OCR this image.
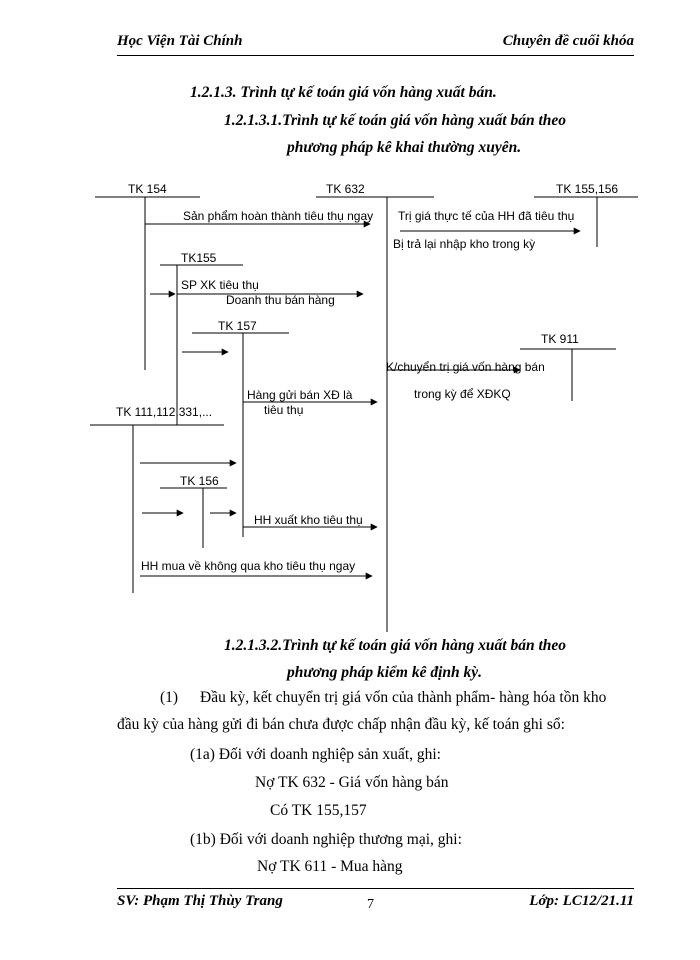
Học Viện Tài Chính	Chuyên đề cuối khóa
1.2.1.3. Trình tự kế toán giá vốn hàng xuất bán.
1.2.1.3.1.Trình tự kế toán giá vốn hàng xuất bán theo
phương pháp kê khai thường xuyên.
TK 154	TK 632	TK 155,156
TK155
TK 157
TK 911
TK 111,112,331,...
TK 156
Sản phẩm hoàn thành tiêu thụ ngay Trị giá thực tế của HH đã tiêu thụ
Bị trả lại nhập kho trong kỳ
SP XK tiêu thụ
Doanh thu bán hàng
K/chuyển trị giá vốn hàng bán
trong kỳ để XĐKQ
Hàng gửi bán XĐ là
tiêu thụ
HH xuất kho tiêu thụ
HH mua về không qua kho tiêu thụ ngay
1.2.1.3.2.Trình tự kế toán giá vốn hàng xuất bán theo
phương pháp kiểm kê định kỳ.
(1) Đầu kỳ, kết chuyển trị giá vốn của thành phẩm- hàng hóa tồn kho
đầu kỳ của hàng gửi đi bán chưa được chấp nhận đầu kỳ, kế toán ghi sổ:
(1a) Đối với doanh nghiệp sản xuất, ghi:
Nợ TK 632 - Giá vốn hàng bán
Có TK 155,157
(1b) Đối với doanh nghiệp thương mại, ghi:
Nợ TK 611 - Mua hàng
SV: Phạm Thị Thùy Trang	7	Lớp: LC12/21.11
